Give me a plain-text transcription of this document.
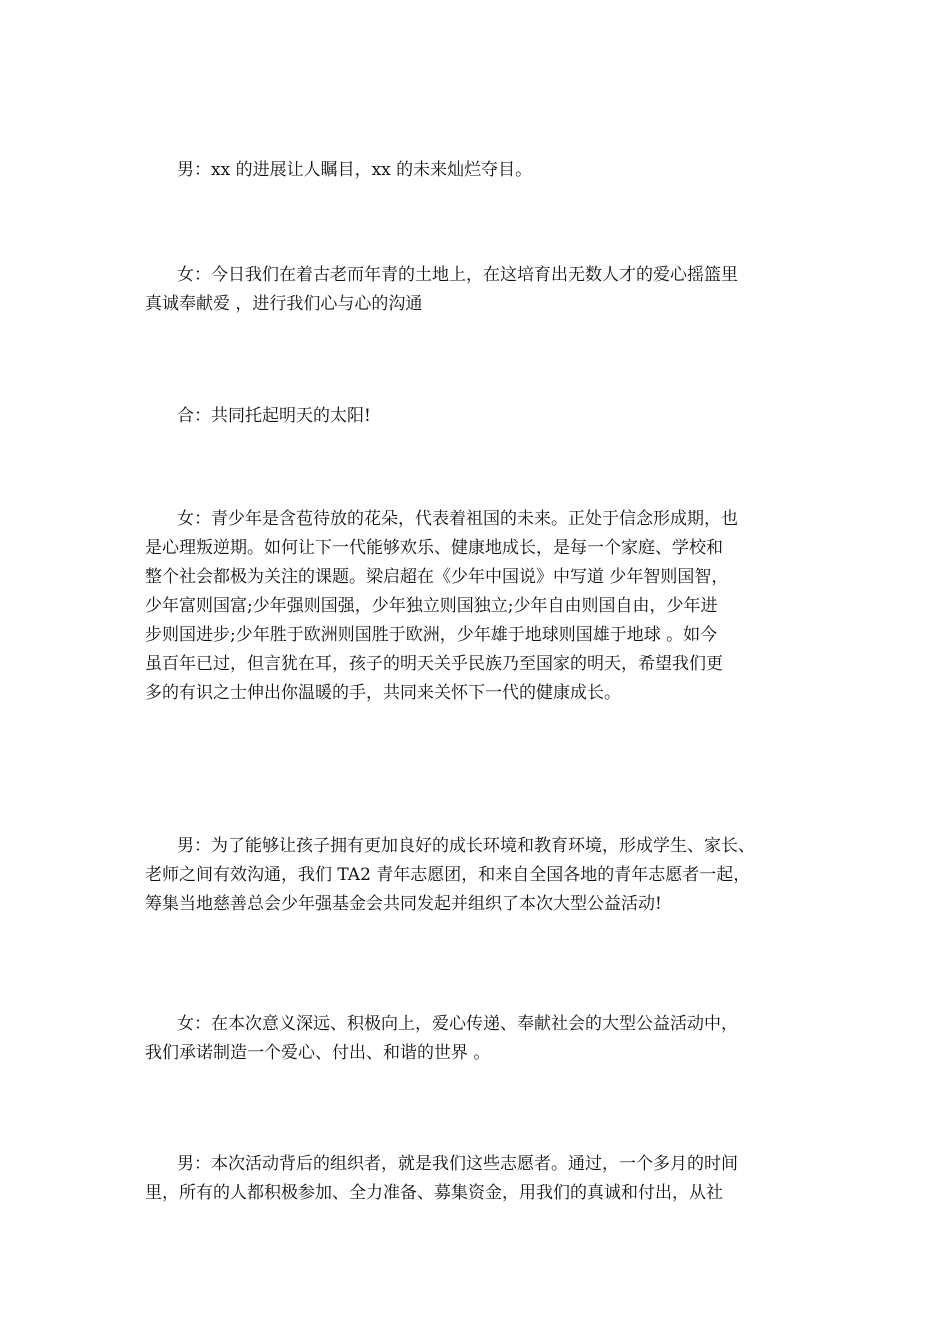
男：xx 的进展让人瞩目，xx 的未来灿烂夺目。
女：今日我们在着古老而年青的土地上，在这培育出无数人才的爱心摇篮里
真诚奉献爱 ，进行我们心与心的沟通
合：共同托起明天的太阳!
女：青少年是含苞待放的花朵，代表着祖国的未来。正处于信念形成期，也
是心理叛逆期。如何让下一代能够欢乐、健康地成长，是每一个家庭、学校和
整个社会都极为关注的课题。梁启超在《少年中国说》中写道 少年智则国智，
少年富则国富;少年强则国强，少年独立则国独立;少年自由则国自由，少年进
步则国进步;少年胜于欧洲则国胜于欧洲，少年雄于地球则国雄于地球 。如今
虽百年已过，但言犹在耳，孩子的明天关乎民族乃至国家的明天，希望我们更
多的有识之士伸出你温暖的手，共同来关怀下一代的健康成长。
男：为了能够让孩子拥有更加良好的成长环境和教育环境，形成学生、家长、
老师之间有效沟通，我们 TA2 青年志愿团，和来自全国各地的青年志愿者一起，
筹集当地慈善总会少年强基金会共同发起并组织了本次大型公益活动!
女：在本次意义深远、积极向上，爱心传递、奉献社会的大型公益活动中，
我们承诺制造一个爱心、付出、和谐的世界 。
男：本次活动背后的组织者，就是我们这些志愿者。通过，一个多月的时间
里，所有的人都积极参加、全力准备、募集资金，用我们的真诚和付出，从社
